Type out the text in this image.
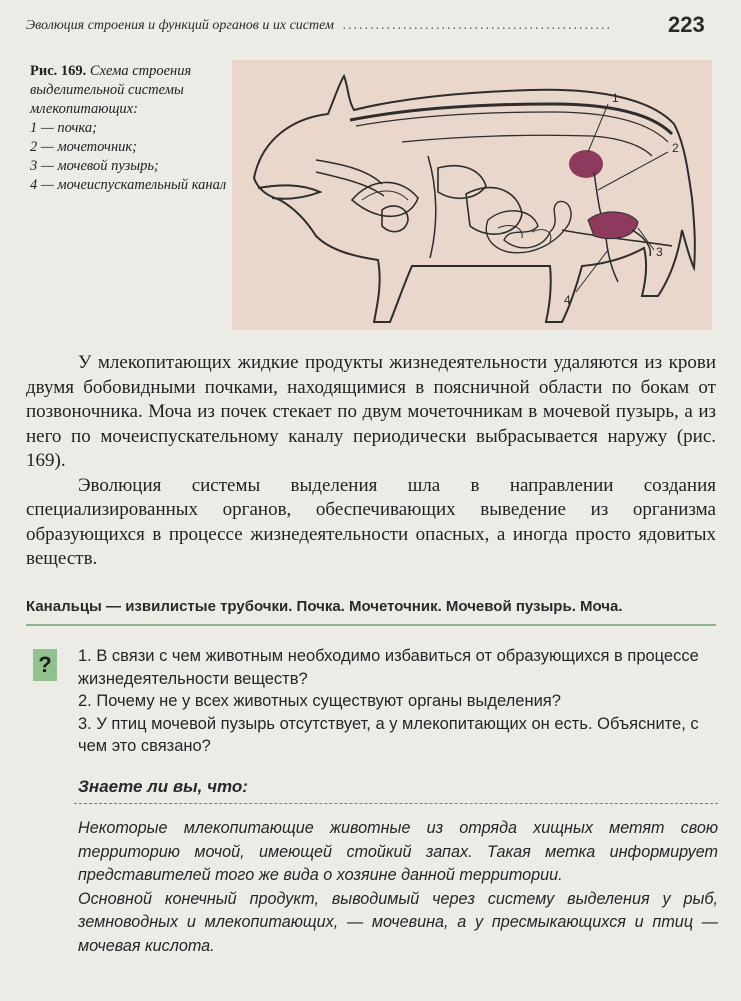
Эволюция строения и функций органов и их систем  .................................................	223
Рис. 169. Схема строения выделительной системы млекопитающих:
1 — почка;
2 — мочеточник;
3 — мочевой пузырь;
4 — мочеиспускательный канал
1
2
3
4

У млекопитающих жидкие продукты жизнедеятельности удаляются из крови двумя бобовидными почками, находящимися в поясничной области по бокам от позвоночника. Моча из почек стекает по двум мочеточникам в мочевой пузырь, а из него по мочеиспускательному каналу периодически выбрасывается наружу (рис. 169).

Эволюция системы выделения шла в направлении создания специализированных органов, обеспечивающих выведение из организма образующихся в процессе жизнедеятельности опасных, а иногда просто ядовитых веществ.

Канальцы — извилистые трубочки. Почка. Мочеточник. Мочевой пузырь. Моча.
?	1. В связи с чем животным необходимо избавиться от образующихся в процессе жизнедеятельности веществ?
2. Почему не у всех животных существуют органы выделения?
3. У птиц мочевой пузырь отсутствует, а у млекопитающих он есть. Объясните, с чем это связано?
Знаете ли вы, что:

Некоторые млекопитающие животные из отряда хищных метят свою территорию мочой, имеющей стойкий запах. Такая метка информирует представителей того же вида о хозяине данной территории.

Основной конечный продукт, выводимый через систему выделения у рыб, земноводных и млекопитающих, — мочевина, а у пресмыкающихся и птиц — мочевая кислота.
